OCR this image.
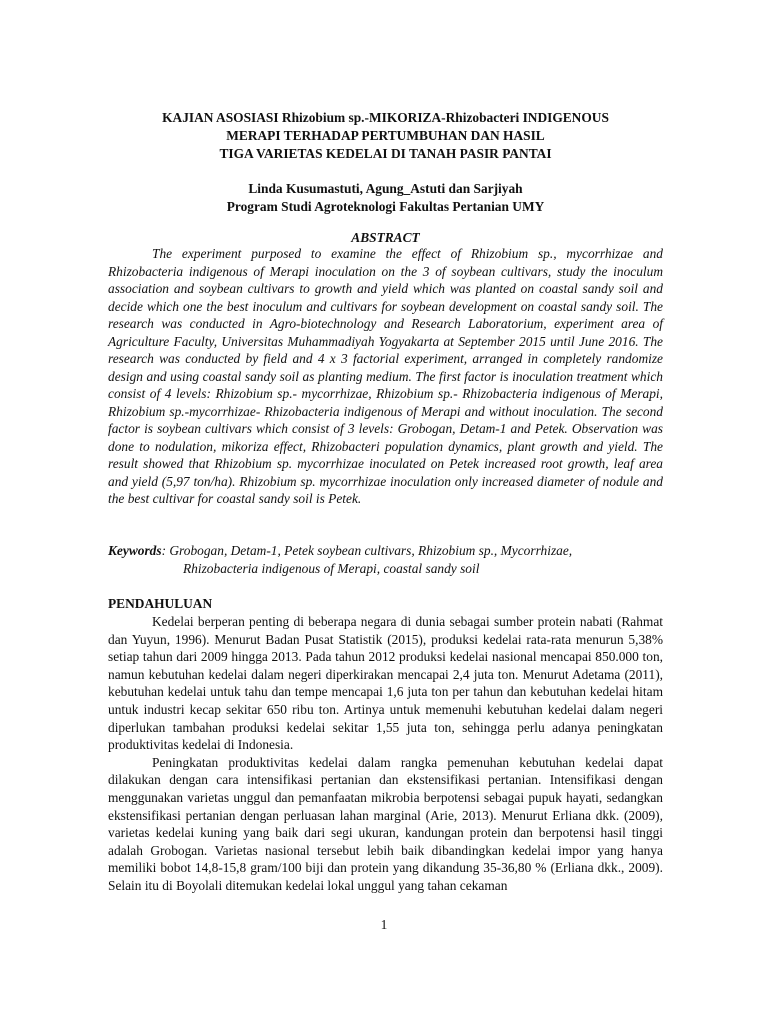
KAJIAN ASOSIASI Rhizobium sp.-MIKORIZA-Rhizobacteri INDIGENOUS
MERAPI TERHADAP PERTUMBUHAN DAN HASIL
TIGA VARIETAS KEDELAI DI TANAH PASIR PANTAI
Linda Kusumastuti, Agung_Astuti dan Sarjiyah
Program Studi Agroteknologi Fakultas Pertanian UMY
ABSTRACT
The experiment purposed to examine the effect of Rhizobium sp., mycorrhizae and Rhizobacteria indigenous of Merapi inoculation on the 3 of soybean cultivars, study the inoculum association and soybean cultivars to growth and yield which was planted on coastal sandy soil and decide which one the best inoculum and cultivars for soybean development on coastal sandy soil. The research was conducted in Agro-biotechnology and Research Laboratorium, experiment area of Agriculture Faculty, Universitas Muhammadiyah Yogyakarta at September 2015 until June 2016. The research was conducted by field and 4 x 3 factorial experiment, arranged in completely randomize design and using coastal sandy soil as planting medium. The first factor is inoculation treatment which consist of 4 levels: Rhizobium sp.- mycorrhizae, Rhizobium sp.- Rhizobacteria indigenous of Merapi, Rhizobium sp.-mycorrhizae- Rhizobacteria indigenous of Merapi and without inoculation. The second factor is soybean cultivars which consist of 3 levels: Grobogan, Detam-1 and Petek. Observation was done to nodulation, mikoriza effect, Rhizobacteri population dynamics, plant growth and yield. The result showed that Rhizobium sp. mycorrhizae inoculated on Petek increased root growth, leaf area and yield (5,97 ton/ha). Rhizobium sp. mycorrhizae inoculation only increased diameter of nodule and the best cultivar for coastal sandy soil is Petek.
Keywords: Grobogan, Detam-1, Petek soybean cultivars, Rhizobium sp., Mycorrhizae,
Rhizobacteria indigenous of Merapi, coastal sandy soil
PENDAHULUAN

Kedelai berperan penting di beberapa negara di dunia sebagai sumber protein nabati (Rahmat dan Yuyun, 1996). Menurut Badan Pusat Statistik (2015), produksi kedelai rata-rata menurun 5,38% setiap tahun dari 2009 hingga 2013. Pada tahun 2012 produksi kedelai nasional mencapai 850.000 ton, namun kebutuhan kedelai dalam negeri diperkirakan mencapai 2,4 juta ton. Menurut Adetama (2011), kebutuhan kedelai untuk tahu dan tempe mencapai 1,6 juta ton per tahun dan kebutuhan kedelai hitam untuk industri kecap sekitar 650 ribu ton. Artinya untuk memenuhi kebutuhan kedelai dalam negeri diperlukan tambahan produksi kedelai sekitar 1,55 juta ton, sehingga perlu adanya peningkatan produktivitas kedelai di Indonesia.

Peningkatan produktivitas kedelai dalam rangka pemenuhan kebutuhan kedelai dapat dilakukan dengan cara intensifikasi pertanian dan ekstensifikasi pertanian. Intensifikasi dengan menggunakan varietas unggul dan pemanfaatan mikrobia berpotensi sebagai pupuk hayati, sedangkan ekstensifikasi pertanian dengan perluasan lahan marginal (Arie, 2013). Menurut Erliana dkk. (2009), varietas kedelai kuning yang baik dari segi ukuran, kandungan protein dan berpotensi hasil tinggi adalah Grobogan. Varietas nasional tersebut lebih baik dibandingkan kedelai impor yang hanya memiliki bobot 14,8-15,8 gram/100 biji dan protein yang dikandung 35-36,80 % (Erliana dkk., 2009). Selain itu di Boyolali ditemukan kedelai lokal unggul yang tahan cekaman

1
